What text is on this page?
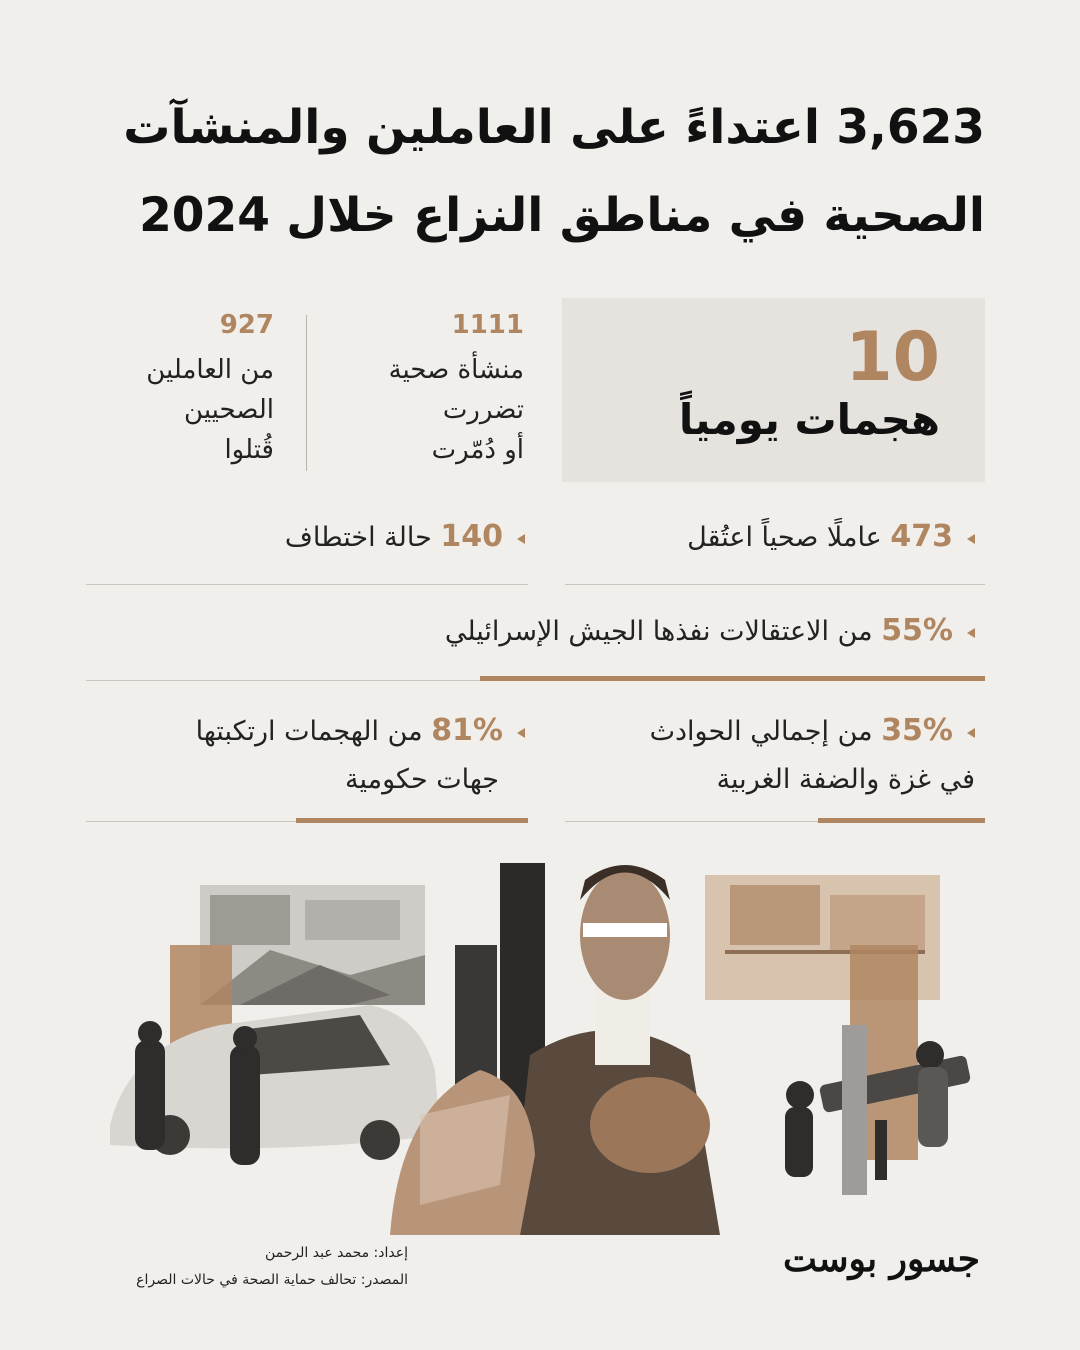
3,623 اعتداءً على العاملين والمنشآت
الصحية في مناطق النزاع خلال 2024
10
هجمات يومياً
1111
منشأة صحية
تضررت
أو دُمّرت
927
من العاملين
الصحيين
قُتلوا
473 عاملًا صحياً اعتُقل
140 حالة اختطاف
55% من الاعتقالات نفذها الجيش الإسرائيلي
35% من إجمالي الحوادث
في غزة والضفة الغربية
81% من الهجمات ارتكبتها
جهات حكومية
إعداد: محمد عبد الرحمن
المصدر: تحالف حماية الصحة في حالات الصراع	جسور بوست
